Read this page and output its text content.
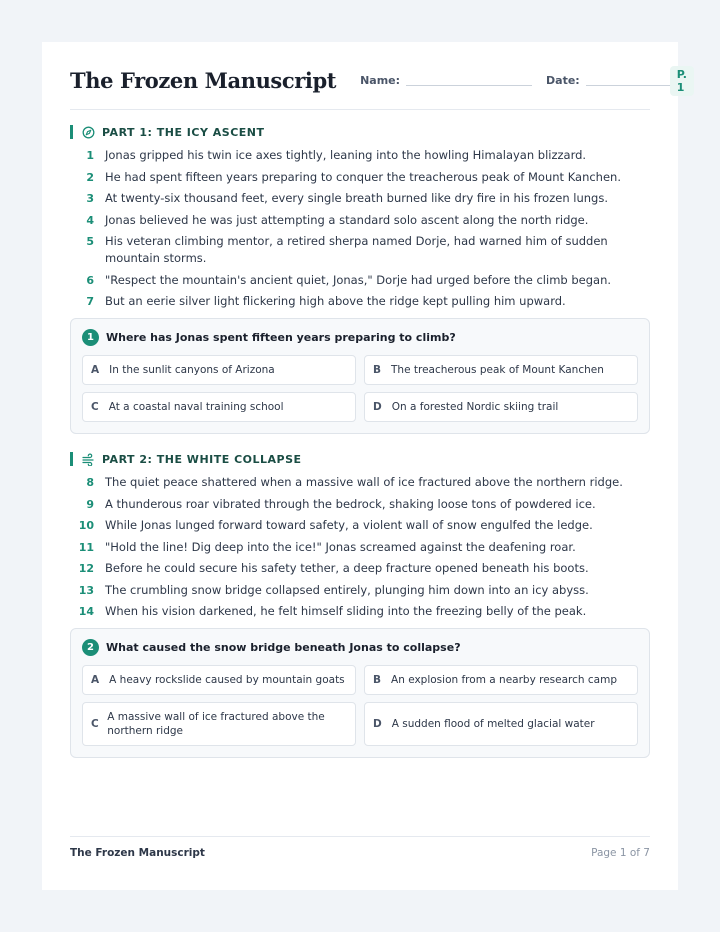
The Frozen Manuscript Name:	Date:	P. 1
PART 1: THE ICY ASCENT
1 Jonas gripped his twin ice axes tightly, leaning into the howling Himalayan blizzard.
2 He had spent fifteen years preparing to conquer the treacherous peak of Mount Kanchen.
3 At twenty-six thousand feet, every single breath burned like dry fire in his frozen lungs.
4 Jonas believed he was just attempting a standard solo ascent along the north ridge.
5 His veteran climbing mentor, a retired sherpa named Dorje, had warned him of sudden mountain storms.
6 "Respect the mountain's ancient quiet, Jonas," Dorje had urged before the climb began.
7 But an eerie silver light flickering high above the ridge kept pulling him upward.
1	Where has Jonas spent fifteen years preparing to climb?
A In the sunlit canyons of Arizona	B The treacherous peak of Mount Kanchen
C At a coastal naval training school	D On a forested Nordic skiing trail
PART 2: THE WHITE COLLAPSE
8 The quiet peace shattered when a massive wall of ice fractured above the northern ridge.
9 A thunderous roar vibrated through the bedrock, shaking loose tons of powdered ice.
10 While Jonas lunged forward toward safety, a violent wall of snow engulfed the ledge.
11 "Hold the line! Dig deep into the ice!" Jonas screamed against the deafening roar.
12 Before he could secure his safety tether, a deep fracture opened beneath his boots.
13 The crumbling snow bridge collapsed entirely, plunging him down into an icy abyss.
14 When his vision darkened, he felt himself sliding into the freezing belly of the peak.
2	What caused the snow bridge beneath Jonas to collapse?
A A heavy rockslide caused by mountain goats	B An explosion from a nearby research camp
C
A massive wall of ice fractured above the northern ridge
D A sudden flood of melted glacial water
The Frozen Manuscript	Page 1 of 7
